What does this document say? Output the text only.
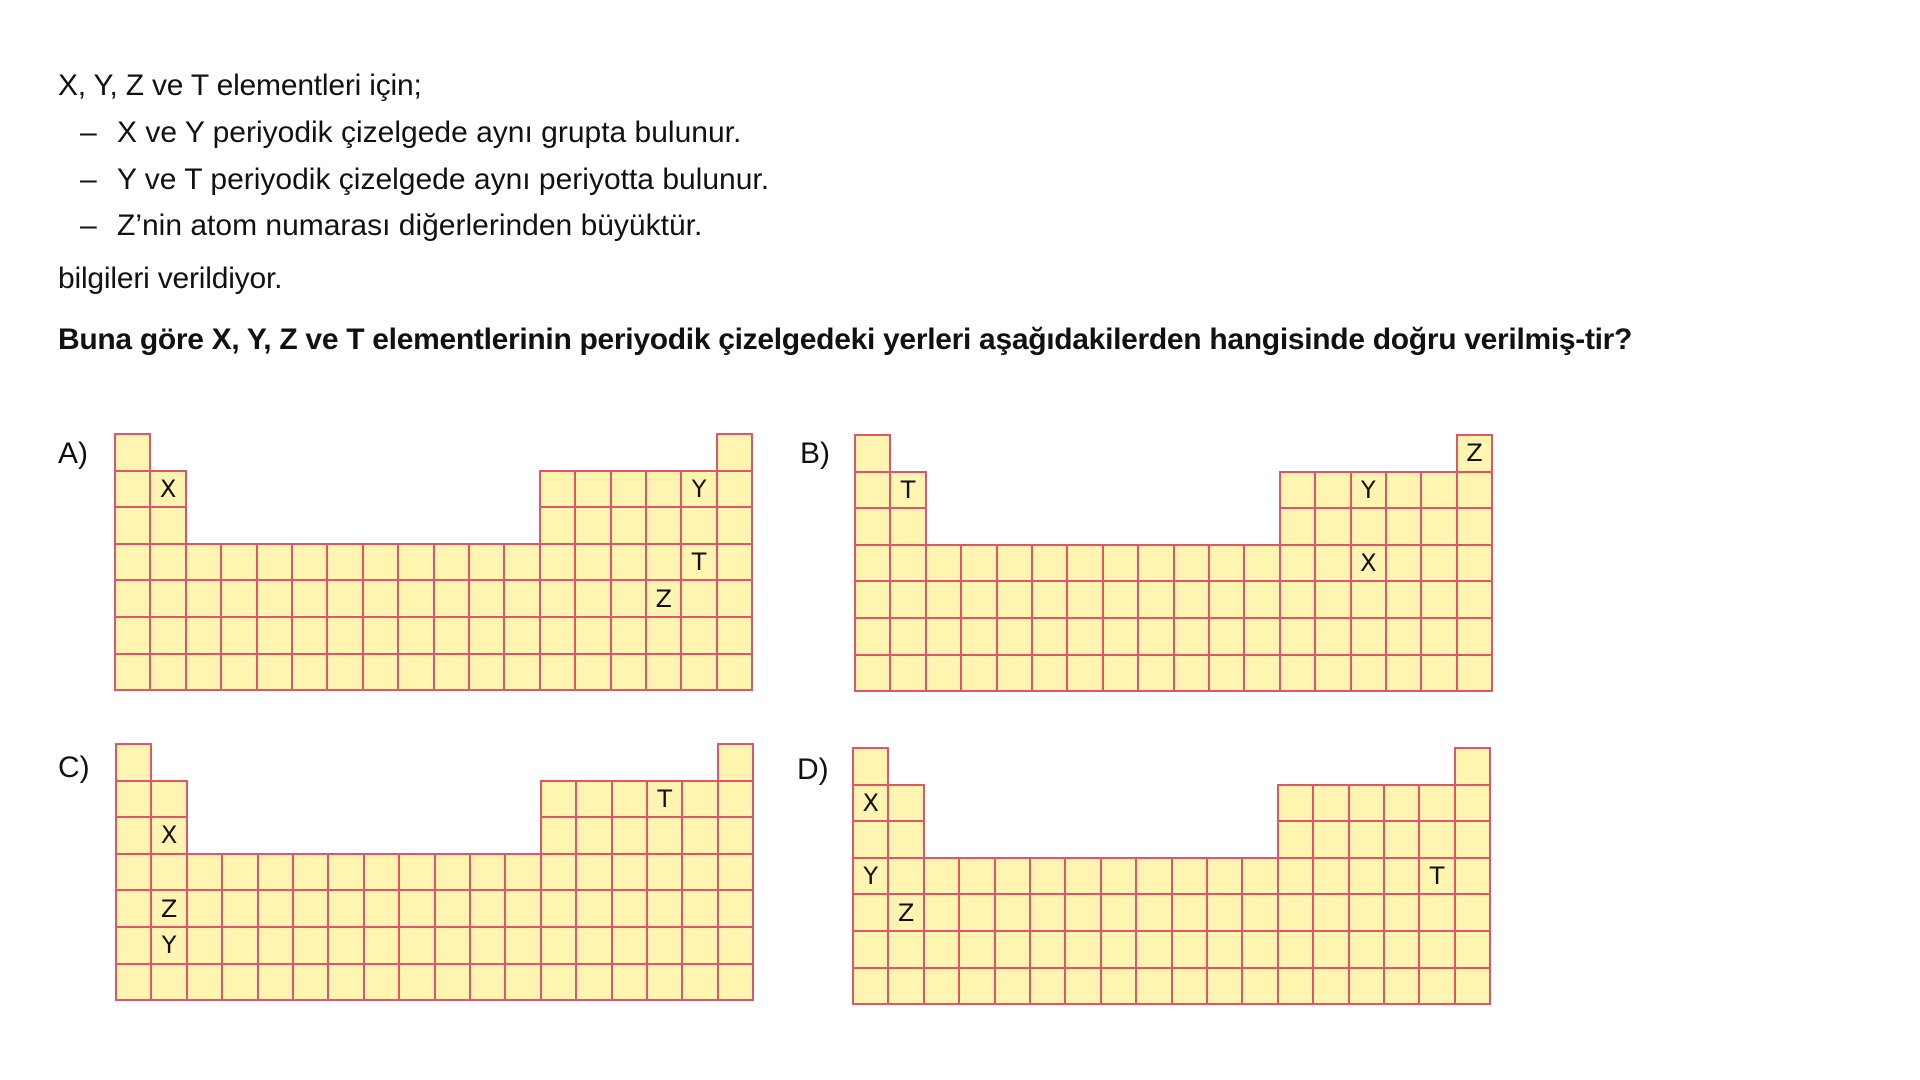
X, Y, Z ve T elementleri için;
– X ve Y periyodik çizelgede aynı grupta bulunur.
– Y ve T periyodik çizelgede aynı periyotta bulunur.
– Z’nin atom numarası diğerlerinden büyüktür.
bilgileri verildiyor.
Buna göre X, Y, Z ve T elementlerinin periyodik çizelgedeki yerleri aşağıdakilerden hangisinde doğru verilmiş-tir?
A)
X	Y
T
Z
B)	Z
T	Y
X
C)
T
X
Z
Y
D)
X
Y	T
Z
